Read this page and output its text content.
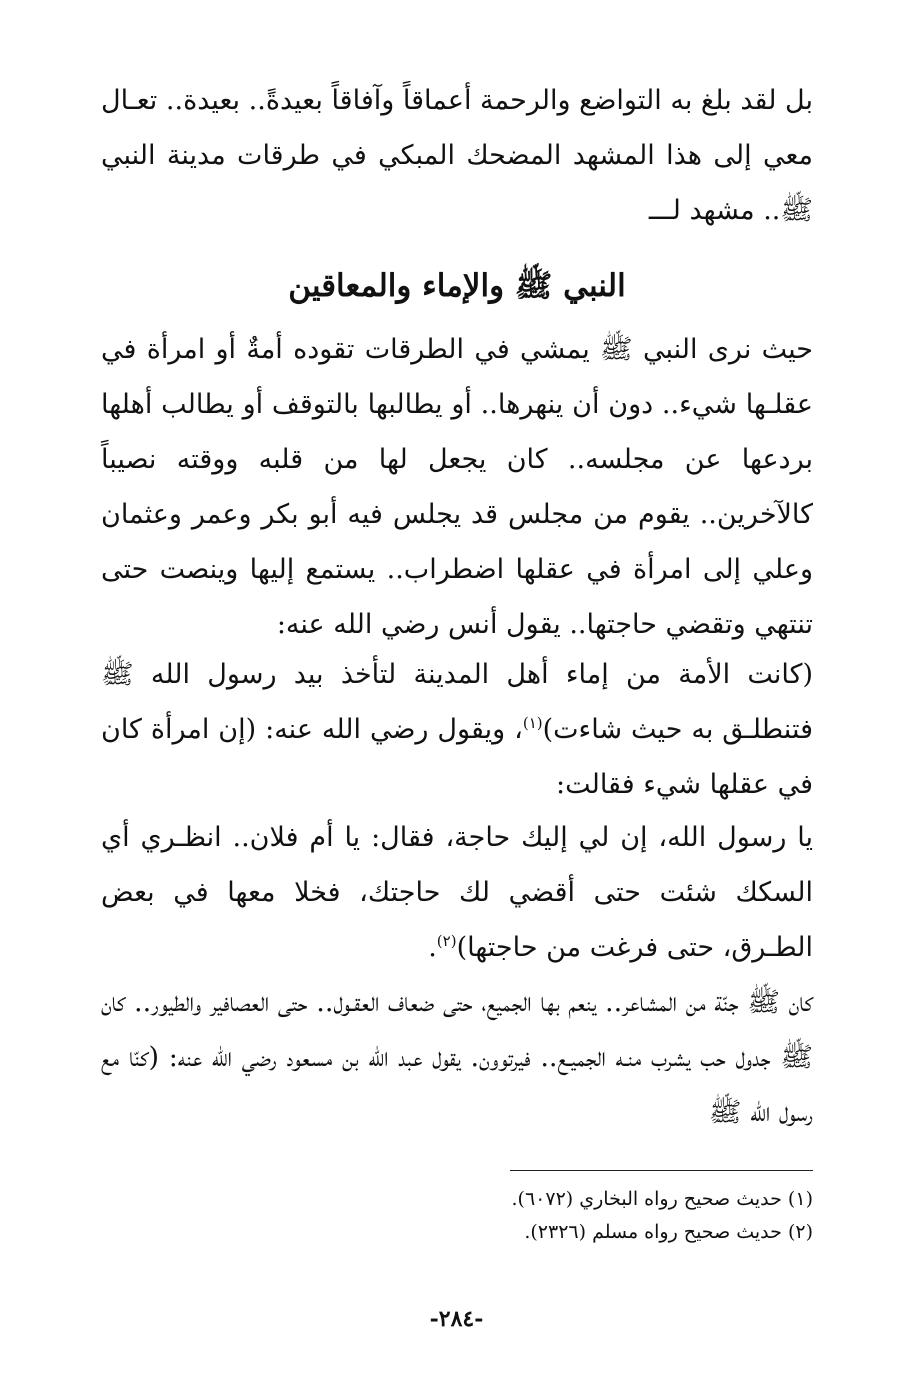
بل لقد بلغ به التواضع والرحمة أعماقاً وآفاقاً بعيدةً.. بعيدة.. تعـال معي إلى هذا المشهد المضحك المبكي في طرقات مدينة النبي ﷺ.. مشهد لـــ

النبي ﷺ والإماء والمعاقين

حيث نرى النبي ﷺ يمشي في الطرقات تقوده أمةٌ أو امرأة في عقلـها شيء.. دون أن ينهرها.. أو يطالبها بالتوقف أو يطالب أهلها بردعها عن مجلسه.. كان يجعل لها من قلبه ووقته نصيباً كالآخرين.. يقوم من مجلس قد يجلس فيه أبو بكر وعمر وعثمان وعلي إلى امرأة في عقلها اضطراب.. يستمع إليها وينصت حتى تنتهي وتقضي حاجتها.. يقول أنس رضي الله عنه:

(كانت الأمة من إماء أهل المدينة لتأخذ بيد رسول الله ﷺ فتنطلـق به حيث شاءت)$^{(١)}$، ويقول رضي الله عنه: (إن امرأة كان في عقلها شيء فقالت:

يا رسول الله، إن لي إليك حاجة، فقال: يا أم فلان.. انظـري أي السكك شئت حتى أقضي لك حاجتك، فخلا معها في بعض الطـرق، حتى فرغت من حاجتها)$^{(٢)}$.

كان ﷺ جنّة من المشاعر.. ينعم بها الجميع، حتى ضعاف العقـول.. حتى العصافير والطيور.. كان ﷺ جدول حب يشرب منـه الجميـع.. فيرتوون. يقول عبد الله بن مسعود رضي الله عنه: (كنّا مع رسول الله ﷺ

(١) حديث صحيح رواه البخاري (٦٠٧٢).
(٢) حديث صحيح رواه مسلم (٢٣٢٦).
-٢٨٤-
